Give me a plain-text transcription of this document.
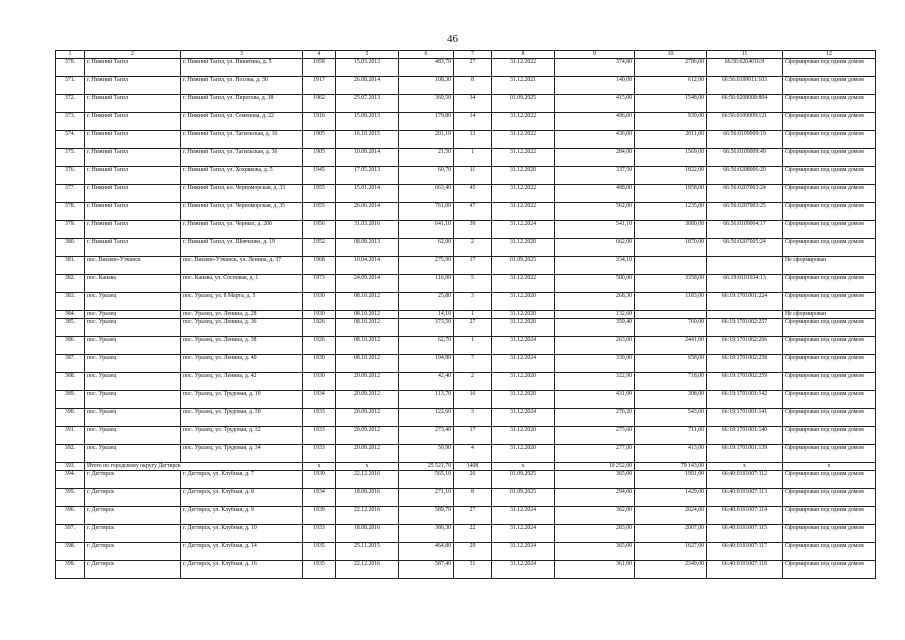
46
1	2	3	4	5	6	7	8	9	10	11	12
370.	г. Нижний Тагил	г. Нижний Тагил, ул. Никитина, д. 5	1958	15.03.2013	483,70	27	31.12.2022	374,80	2786,00	66:56:0204016:9	Сформирован под одним домом
371.	г. Нижний Тагил	г. Нижний Тагил, ул. Носова, д. 30	1917	26.08.2014	108,30	8	31.12.2021	140,00	612,00	66:56:0109011:103	Сформирован под одним домом
372.	г. Нижний Тагил	г. Нижний Тагил, ул. Пирогова, д. 38	1962	25.07.2013	369,50	34	01.09.2025	415,00	1548,00	66:56:0208008:804	Сформирован под одним домом
373.	г. Нижний Тагил	г. Нижний Тагил, ул. Семенова, д. 22	1916	15.08.2013	179,80	14	31.12.2022	496,00	939,00	66:56:0109009:121	Сформирован под одним домом
374.	г. Нижний Тагил	г. Нижний Тагил, ул. Тагильская, д. 16	1905	16.10.2015	201,10	13	31.12.2022	436,00	2011,00	66:56:0109009:19	Сформирован под одним домом
375.	г. Нижний Тагил	г. Нижний Тагил, ул. Тагильская, д. 36	1905	10.09.2014	21,50	1	31.12.2022	284,00	1569,00	66:56:0109009:49	Сформирован под одним домом
376.	г. Нижний Тагил	г. Нижний Тагил, ул. Хохрякова, д. 5	1945	17.05.2013	60,70	11	31.12.2020	337,50	1822,00	66:56:0208006:20	Сформирован под одним домом
377.	г. Нижний Тагил	г. Нижний Тагил, кл. Черноморская, д. 33	1955	15.01.2014	663,40	45	31.12.2022	488,00	1858,00	66:56:0207003:24	Сформирован под одним домом
378.	г. Нижний Тагил	г. Нижний Тагил, ул. Черноморская, д. 35	1955	26.06.2014	761,00	47	31.12.2022	562,00	1235,00	66:56:0207003:25	Сформирован под одним домом
379.	г. Нижний Тагил	г. Нижний Тагил, ул. Черных, д. 20б	1956	31.03.2016	641,10	39	31.12.2024	541,10	3080,00	66:56:0109004:17	Сформирован под одним домом
380.	г. Нижний Тагил	г. Нижний Тагил, ул. Шевченко, д. 19	1952	08.08.2013	62,90	2	31.12.2020	662,00	1870,00	66:56:0207005:24	Сформирован под одним домом
381.	пос. Висимо-Уткинск	пос. Висимо-Уткинск, ул. Ленина, д. 37	1968	10.04.2014	275,90	17	01.09.2025	334,10			Не сформирован
382.	пос. Канава	пос. Канава, ул. Сосновая, д. 1	1973	24.09.2014	116,90	5	31.12.2022	500,00	3358,00	66:19:0101034:13	Сформирован под одним домом
383.	пос. Уралец	пос. Уралец, ул. 8 Марта, д. 5	1930	08.10.2012	25,80	3	31.12.2020	268,30	1183,00	66:19:1701001:224	Сформирован под одним домом
384.	пос. Уралец	пос. Уралец, ул. Ленина, д. 28	1930	08.10.2012	14,10	1	31.12.2020	132,60			Не сформирован
385.	пос. Уралец	пос. Уралец, ул. Ленина, д. 36	1926	08.10.2012	373,50	27	31.12.2020	359,40	760,00	66:19:1701002:257	Сформирован под одним домом
386.	пос. Уралец	пос. Уралец, ул. Ленина, д. 38	1926	08.10.2012	62,70	1	31.12.2024	263,00	2441,00	66:19:1701002:266	Сформирован под одним домом
387.	пос. Уралец	пос. Уралец, ул. Ленина, д. 40	1930	08.10.2012	194,80	7	31.12.2024	339,00	658,00	66:19:1701002:258	Сформирован под одним домом
388.	пос. Уралец	пос. Уралец, ул. Ленина, д. 42	1930	20.09.2012	42,40	2	31.12.2020	322,90	718,00	66:19:1701002:259	Сформирован под одним домом
389.	пос. Уралец	пос. Уралец, ул. Трудовая, д. 19	1934	20.09.2012	113,70	16	31.12.2020	431,00	308,00	66:19:1701001:142	Сформирован под одним домом
390.	пос. Уралец	пос. Уралец, ул. Трудовая, д. 30	1933	20.09.2012	122,60	3	31.12.2024	276,20	543,00	66:19:1701001:141	Сформирован под одним домом
391.	пос. Уралец	пос. Уралец, ул. Трудовая, д. 32	1933	20.09.2012	273,40	17	31.12.2020	275,60	711,00	66:19:1701001:140	Сформирован под одним домом
392.	пос. Уралец	пос. Уралец, ул. Трудовая, д. 34	1933	20.09.2012	50,90	4	31.12.2020	277,00	413,00	66:19:1701001:139	Сформирован под одним домом
393.	Итого по городскому округу Дегтярск		x	x	25 521,70	1408	x	19 252,00	79 143,00	x	x
394.	г. Дегтярск	г. Дегтярск, ул. Клубная, д. 7	1939	22.12.2016	565,10	26	01.09.2025	365,00	1991,00	66:40:0101007:112	Сформирован под одним домом
395.	г. Дегтярск	г. Дегтярск, ул. Клубная, д. 8	1934	18.08.2016	271,10	8	01.09.2025	294,00	1429,00	66:40:0101007:113	Сформирован под одним домом
396.	г. Дегтярск	г. Дегтярск, ул. Клубная, д. 9	1939	22.12.2016	589,70	27	31.12.2024	362,00	2024,00	66:40:0101007:114	Сформирован под одним домом
397.	г. Дегтярск	г. Дегтярск, ул. Клубная, д. 10	1933	18.08.2016	386,30	22	31.12.2024	283,00	2007,00	66:40:0101007:115	Сформирован под одним домом
398.	г. Дегтярск	г. Дегтярск, ул. Клубная, д. 14	1935	25.11.2015	464,80	29	31.12.2024	365,00	1627,00	66:40:0101007:117	Сформирован под одним домом
399.	г. Дегтярск	г. Дегтярск, ул. Клубная, д. 16	1935	22.12.2016	587,40	31	31.12.2024	361,00	2349,00	66:40:0101007:118	Сформирован под одним домом
